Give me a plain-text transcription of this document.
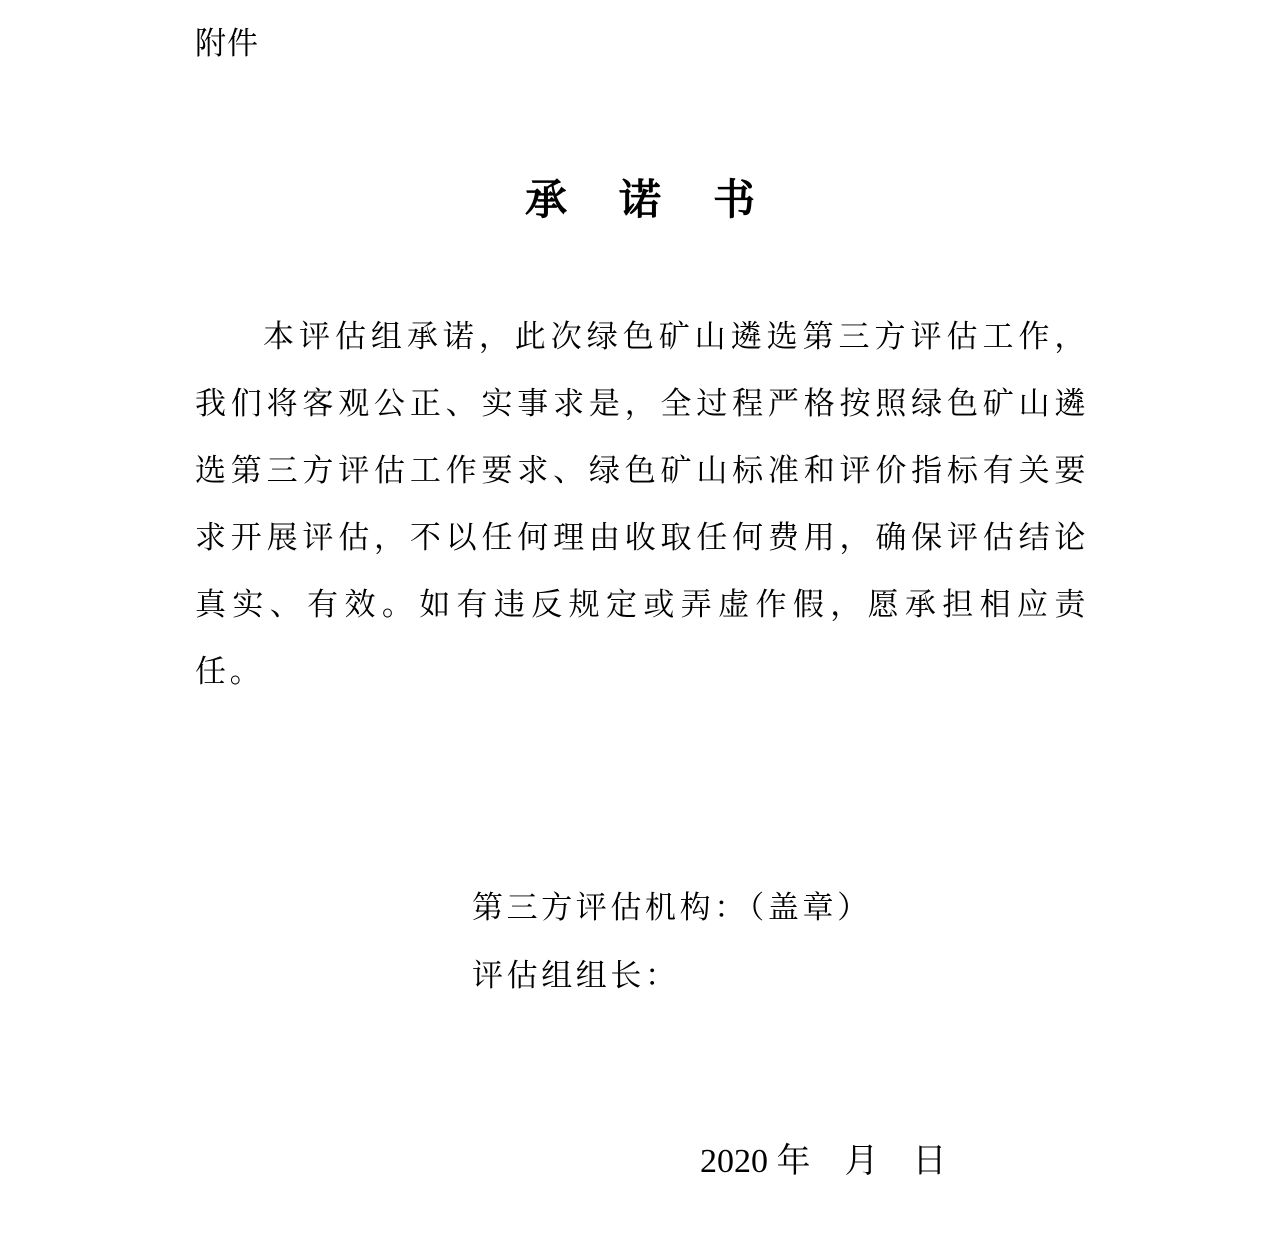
附件
承诺书

本评估组承诺，此次绿色矿山遴选第三方评估工作，我们将客观公正、实事求是，全过程严格按照绿色矿山遴选第三方评估工作要求、绿色矿山标准和评价指标有关要求开展评估，不以任何理由收取任何费用，确保评估结论真实、有效。如有违反规定或弄虚作假，愿承担相应责任。

第三方评估机构：（盖章）
评估组组长：
2020 年    月    日
